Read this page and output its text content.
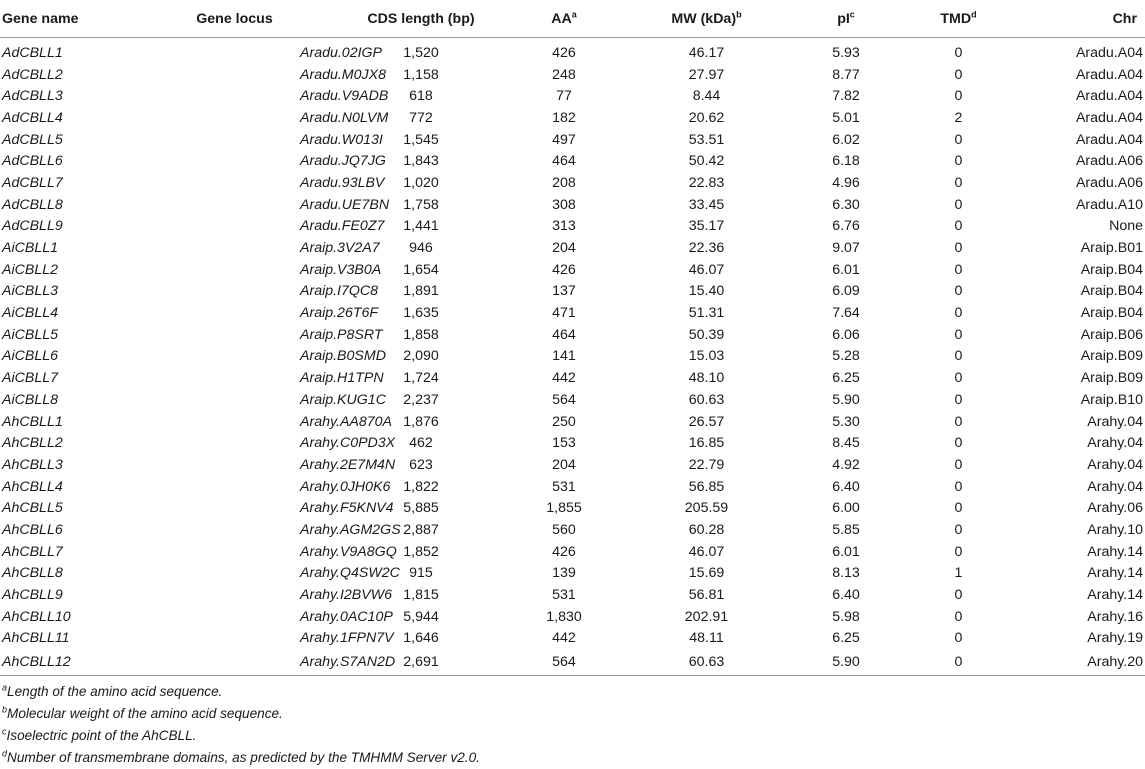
Gene name	Gene locus	CDS length (bp)	$AA^a$	MW (kDa)$^b$	$pI^c$	TMD$^d$	Chr
AdCBLL1	Aradu.02IGP	1,520	426	46.17	5.93	0	Aradu.A04
AdCBLL2	Aradu.M0JX8	1,158	248	27.97	8.77	0	Aradu.A04
AdCBLL3	Aradu.V9ADB	618	77	8.44	7.82	0	Aradu.A04
AdCBLL4	Aradu.N0LVM	772	182	20.62	5.01	2	Aradu.A04
AdCBLL5	Aradu.W013I	1,545	497	53.51	6.02	0	Aradu.A04
AdCBLL6	Aradu.JQ7JG	1,843	464	50.42	6.18	0	Aradu.A06
AdCBLL7	Aradu.93LBV	1,020	208	22.83	4.96	0	Aradu.A06
AdCBLL8	Aradu.UE7BN	1,758	308	33.45	6.30	0	Aradu.A10
AdCBLL9	Aradu.FE0Z7	1,441	313	35.17	6.76	0	None
AiCBLL1	Araip.3V2A7	946	204	22.36	9.07	0	Araip.B01
AiCBLL2	Araip.V3B0A	1,654	426	46.07	6.01	0	Araip.B04
AiCBLL3	Araip.I7QC8	1,891	137	15.40	6.09	0	Araip.B04
AiCBLL4	Araip.26T6F	1,635	471	51.31	7.64	0	Araip.B04
AiCBLL5	Araip.P8SRT	1,858	464	50.39	6.06	0	Araip.B06
AiCBLL6	Araip.B0SMD	2,090	141	15.03	5.28	0	Araip.B09
AiCBLL7	Araip.H1TPN	1,724	442	48.10	6.25	0	Araip.B09
AiCBLL8	Araip.KUG1C	2,237	564	60.63	5.90	0	Araip.B10
AhCBLL1	Arahy.AA870A	1,876	250	26.57	5.30	0	Arahy.04
AhCBLL2	Arahy.C0PD3X	462	153	16.85	8.45	0	Arahy.04
AhCBLL3	Arahy.2E7M4N	623	204	22.79	4.92	0	Arahy.04
AhCBLL4	Arahy.0JH0K6	1,822	531	56.85	6.40	0	Arahy.04
AhCBLL5	Arahy.F5KNV4	5,885	1,855	205.59	6.00	0	Arahy.06
AhCBLL6	Arahy.AGM2GS	2,887	560	60.28	5.85	0	Arahy.10
AhCBLL7	Arahy.V9A8GQ	1,852	426	46.07	6.01	0	Arahy.14
AhCBLL8	Arahy.Q4SW2C	915	139	15.69	8.13	1	Arahy.14
AhCBLL9	Arahy.I2BVW6	1,815	531	56.81	6.40	0	Arahy.14
AhCBLL10	Arahy.0AC10P	5,944	1,830	202.91	5.98	0	Arahy.16
AhCBLL11	Arahy.1FPN7V	1,646	442	48.11	6.25	0	Arahy.19
AhCBLL12	Arahy.S7AN2D	2,691	564	60.63	5.90	0	Arahy.20
$^a$Length of the amino acid sequence.
$^b$Molecular weight of the amino acid sequence.
$^c$Isoelectric point of the AhCBLL.
$^d$Number of transmembrane domains, as predicted by the TMHMM Server v2.0.
